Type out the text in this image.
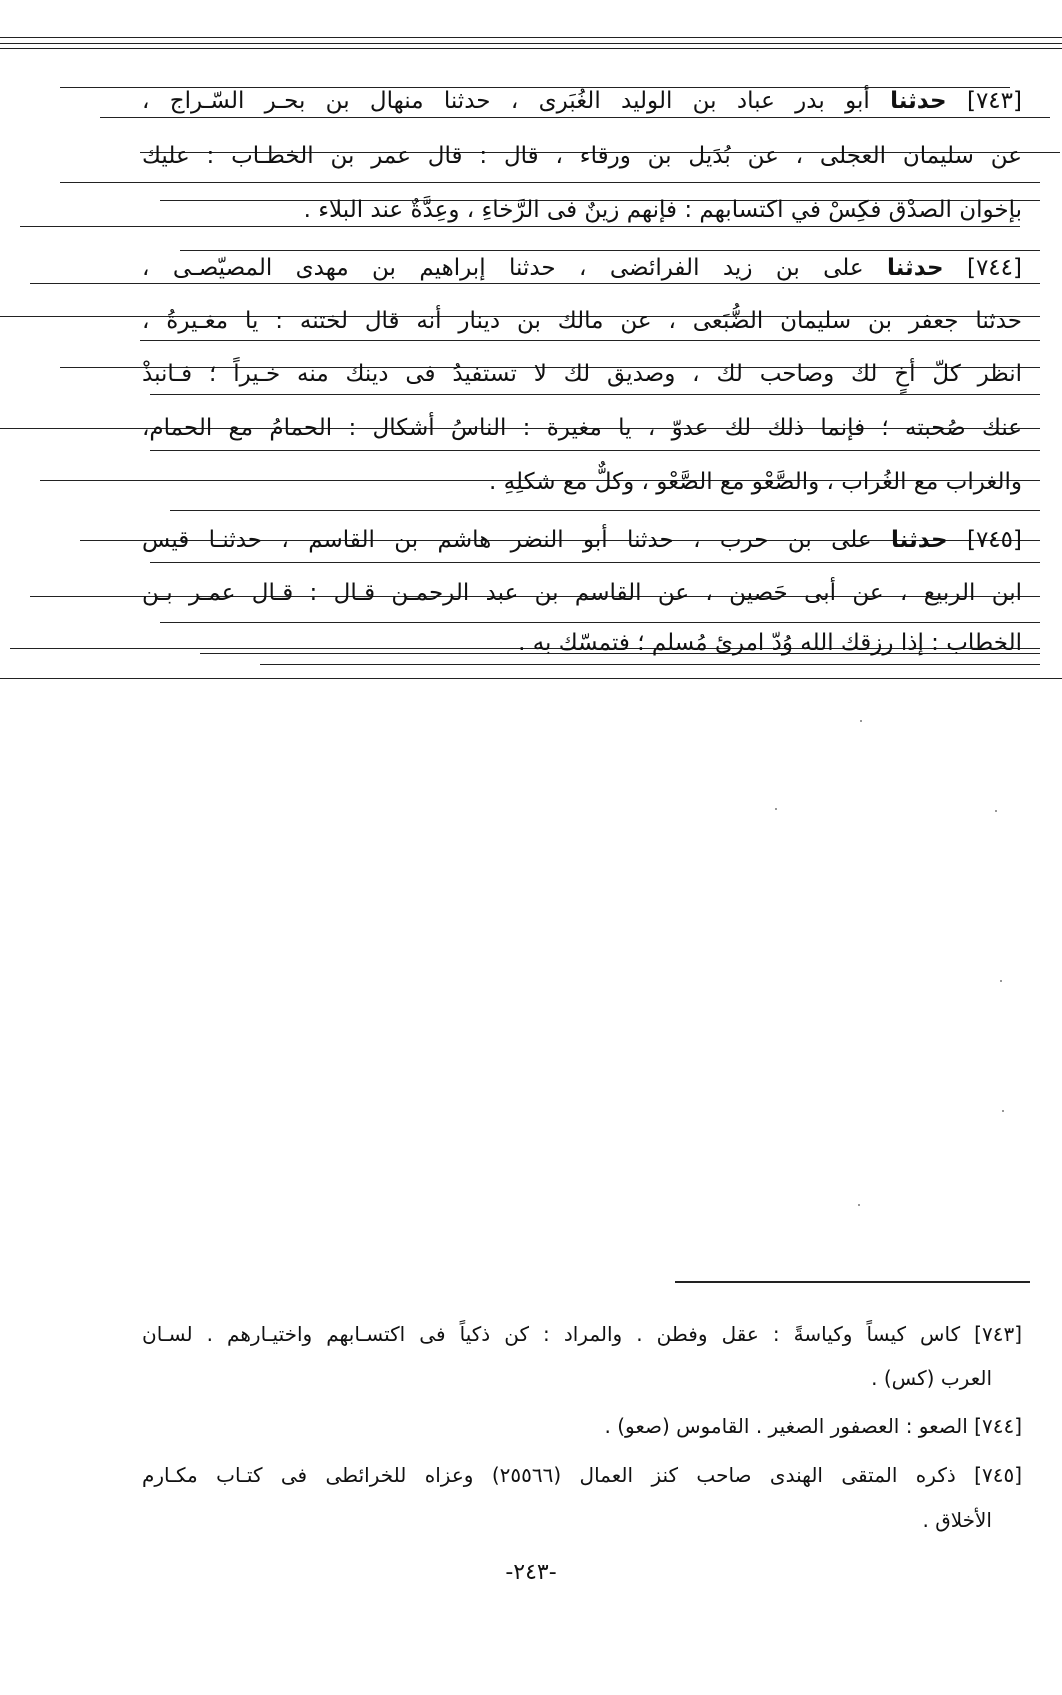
[٧٤٣] حدثنا أبو بدر عباد بن الوليد الغُبَرى ، حدثنا منهال بن بحـر السّـراج ،
عن سليمان العجلى ، عن بُدَيل بن ورقاء ، قال : قال عمر بن الخطـاب : عليك
بإخوان الصدْق فكِسْ في اكتسابهم : فإنهم زينٌ فى الرَّخاءِ ، وعِدَّةٌ عند البلاء .
[٧٤٤] حدثنا على بن زيد الفرائضى ، حدثنا إبراهيم بن مهدى المصيّصـى ،
حدثنا جعفر بن سليمان الضُّبَعى ، عن مالك بن دينار أنه قال لختنه : يا مغـيرةُ ،
انظر كلّ أخٍ لك وصاحب لك ، وصديق لك لا تستفيدُ فى دينك منه خـيراً ؛ فـانبذْ
عنك صُحبته ؛ فإنما ذلك لك عدوّ ، يا مغيرة : الناسُ أشكال : الحمامُ مع الحمام،
والغراب مع الغُراب ، والصَّعْو مع الصَّعْو ، وكلٌّ مع شكلِهِ .
[٧٤٥] حدثنا على بن حرب ، حدثنا أبو النضر هاشم بن القاسم ، حدثنـا قيس
ابن الربيع ، عن أبى حَصين ، عن القاسم بن عبد الرحمـن قـال : قـال عمـر بـن
الخطاب : إذا رزقك الله وُدّ امرئ مُسلم ؛ فتمسّك به .
[٧٤٣] كاس كيساً وكياسةً : عقل وفطن . والمراد : كن ذكياً فى اكتسـابهم واختيـارهم . لسـان
العرب (كس) .
[٧٤٤] الصعو : العصفور الصغير . القاموس (صعو) .
[٧٤٥] ذكره المتقى الهندى صاحب كنز العمال (٢٥٥٦٦) وعزاه للخرائطى فى كتـاب مكـارم
الأخلاق .
-٢٤٣-
